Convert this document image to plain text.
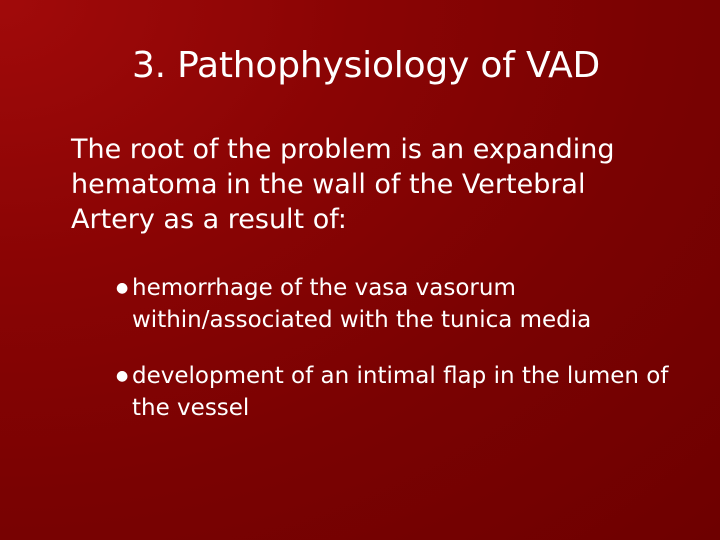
3. Pathophysiology of VAD

The root of the problem is an expanding hematoma in the wall of the Vertebral Artery as a result of:

● hemorrhage of the vasa vasorum within/associated with the tunica media
● development of an intimal flap in the lumen of the vessel
